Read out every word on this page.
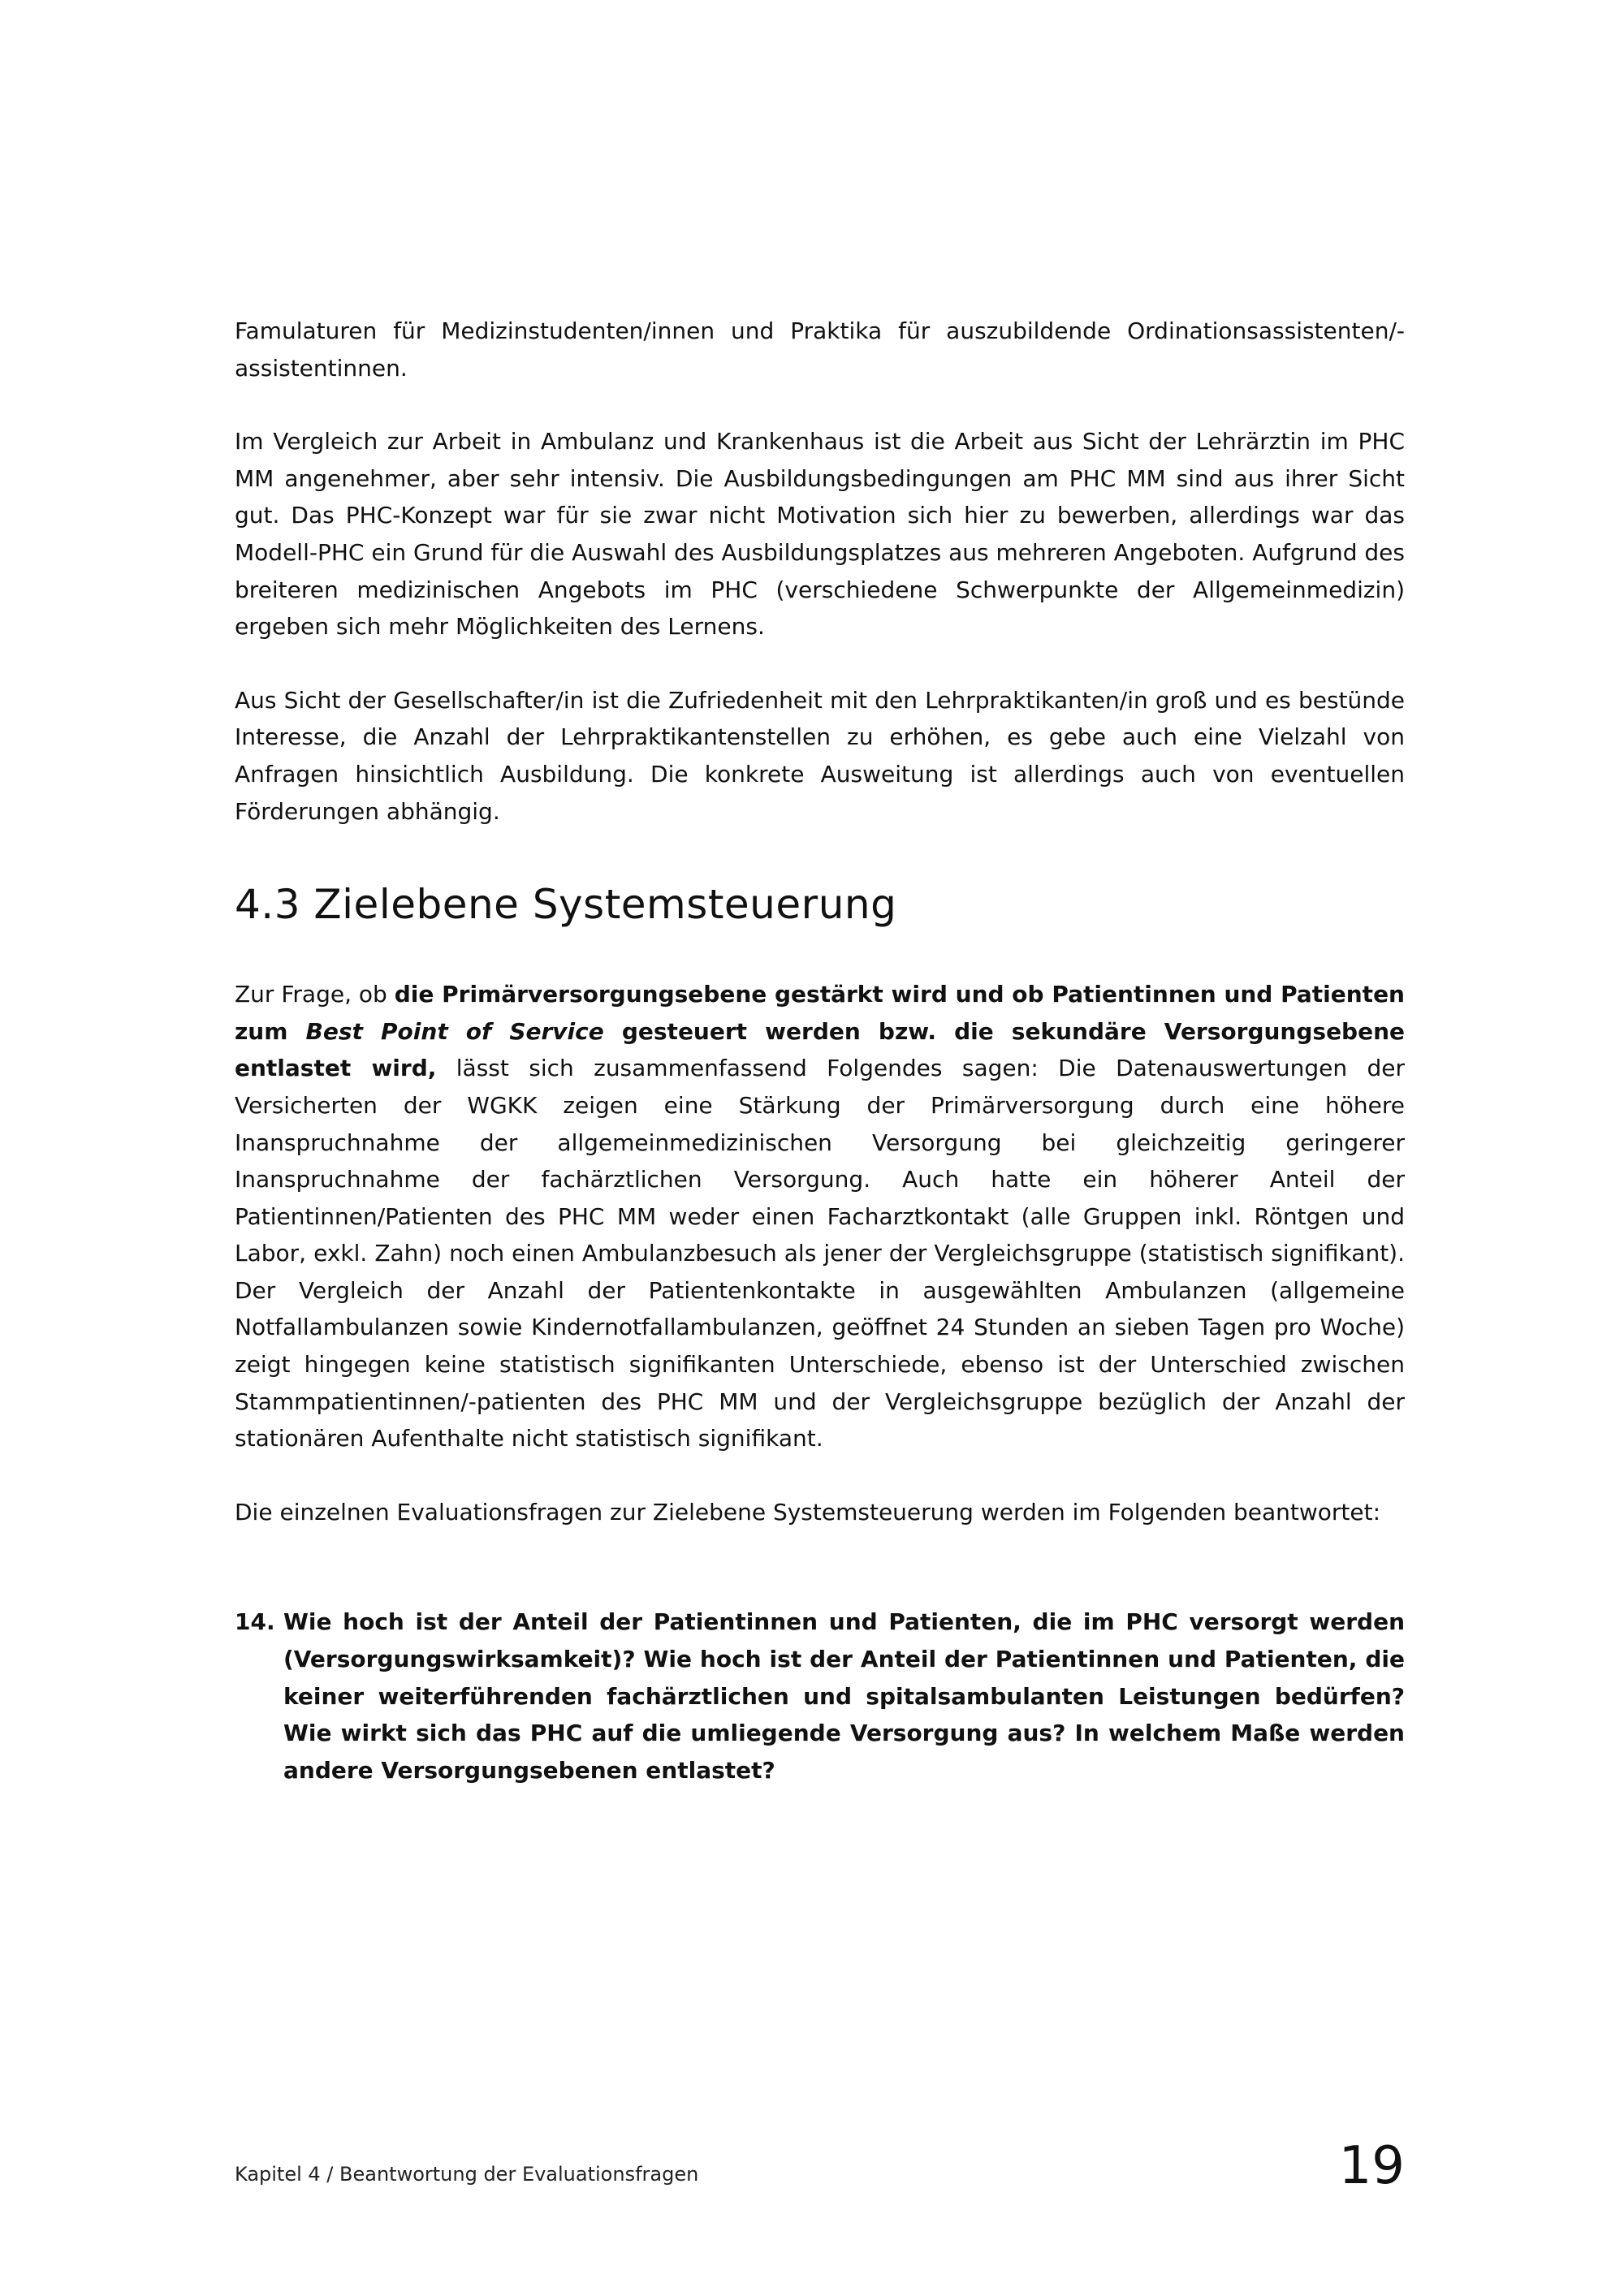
Famulaturen für Medizinstudenten/innen und Praktika für auszubildende Ordinationsassistenten/-assistentinnen.

Im Vergleich zur Arbeit in Ambulanz und Krankenhaus ist die Arbeit aus Sicht der Lehrärztin im PHC MM angenehmer, aber sehr intensiv. Die Ausbildungsbedingungen am PHC MM sind aus ihrer Sicht gut. Das PHC-Konzept war für sie zwar nicht Motivation sich hier zu bewerben, allerdings war das Modell-PHC ein Grund für die Auswahl des Ausbildungsplatzes aus mehreren Angeboten. Aufgrund des breiteren medizinischen Angebots im PHC (verschiedene Schwerpunkte der Allgemeinmedizin) ergeben sich mehr Möglichkeiten des Lernens.

Aus Sicht der Gesellschafter/in ist die Zufriedenheit mit den Lehrpraktikanten/in groß und es bestünde Interesse, die Anzahl der Lehrpraktikantenstellen zu erhöhen, es gebe auch eine Vielzahl von Anfragen hinsichtlich Ausbildung. Die konkrete Ausweitung ist allerdings auch von eventuellen Förderungen abhängig.

4.3 Zielebene Systemsteuerung

Zur Frage, ob die Primärversorgungsebene gestärkt wird und ob Patientinnen und Patienten zum Best Point of Service gesteuert werden bzw. die sekundäre Versorgungsebene entlastet wird, lässt sich zusammenfassend Folgendes sagen: Die Datenauswertungen der Versicherten der WGKK zeigen eine Stärkung der Primärversorgung durch eine höhere Inanspruchnahme der allgemeinmedizinischen Versorgung bei gleichzeitig geringerer Inanspruchnahme der fachärztlichen Versorgung. Auch hatte ein höherer Anteil der Patientinnen/Patienten des PHC MM weder einen Facharztkontakt (alle Gruppen inkl. Röntgen und Labor, exkl. Zahn) noch einen Ambulanzbesuch als jener der Vergleichsgruppe (statistisch signifikant). Der Vergleich der Anzahl der Patientenkontakte in ausgewählten Ambulanzen (allgemeine Notfallambulanzen sowie Kindernotfallambulanzen, geöffnet 24 Stunden an sieben Tagen pro Woche) zeigt hingegen keine statistisch signifikanten Unterschiede, ebenso ist der Unterschied zwischen Stammpatientinnen/-patienten des PHC MM und der Vergleichsgruppe bezüglich der Anzahl der stationären Aufenthalte nicht statistisch signifikant.

Die einzelnen Evaluationsfragen zur Zielebene Systemsteuerung werden im Folgenden beantwortet:

14. Wie hoch ist der Anteil der Patientinnen und Patienten, die im PHC versorgt werden (Versorgungswirksamkeit)? Wie hoch ist der Anteil der Patientinnen und Patienten, die keiner weiterführenden fachärztlichen und spitalsambulanten Leistungen bedürfen? Wie wirkt sich das PHC auf die umliegende Versorgung aus? In welchem Maße werden andere Versorgungsebenen entlastet?
Kapitel 4 / Beantwortung der Evaluationsfragen	19
